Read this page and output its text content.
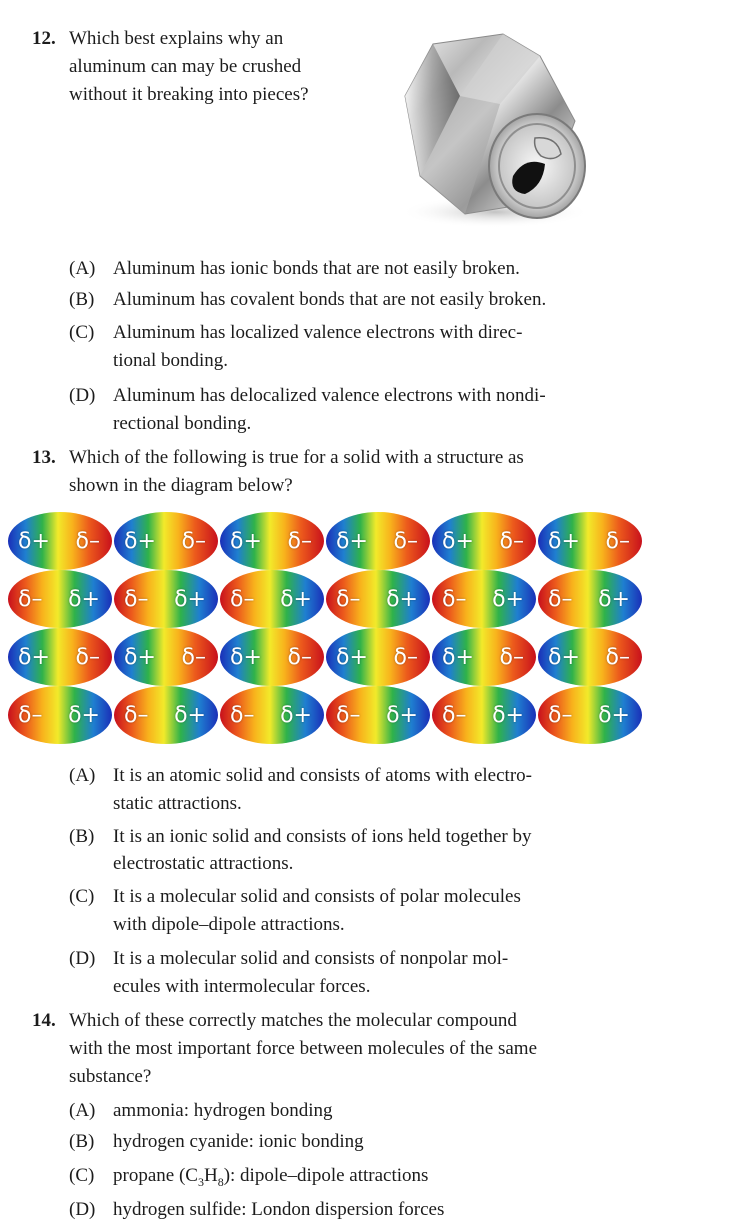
12. Which best explains why an
aluminum can may be crushed
without it breaking into pieces?
(A) Aluminum has ionic bonds that are not easily broken.
(B) Aluminum has covalent bonds that are not easily broken.
(C) Aluminum has localized valence electrons with direc-
tional bonding.
(D) Aluminum has delocalized valence electrons with nondi-
rectional bonding.
13. Which of the following is true for a solid with a structure as
shown in the diagram below?
δ+ δ– δ+ δ– δ+ δ– δ+ δ– δ+ δ– δ+ δ–
δ– δ+ δ– δ+ δ– δ+ δ– δ+ δ– δ+ δ– δ+
δ+ δ– δ+ δ– δ+ δ– δ+ δ– δ+ δ– δ+ δ–
δ– δ+ δ– δ+ δ– δ+ δ– δ+ δ– δ+ δ– δ+
(A) It is an atomic solid and consists of atoms with electro-
static attractions.
(B) It is an ionic solid and consists of ions held together by
electrostatic attractions.
(C) It is a molecular solid and consists of polar molecules
with dipole–dipole attractions.
(D) It is a molecular solid and consists of nonpolar mol-
ecules with intermolecular forces.
14. Which of these correctly matches the molecular compound
with the most important force between molecules of the same
substance?
(A) ammonia: hydrogen bonding
(B) hydrogen cyanide: ionic bonding
(C) propane $(C_3H_8)$: dipole–dipole attractions
(D) hydrogen sulfide: London dispersion forces
